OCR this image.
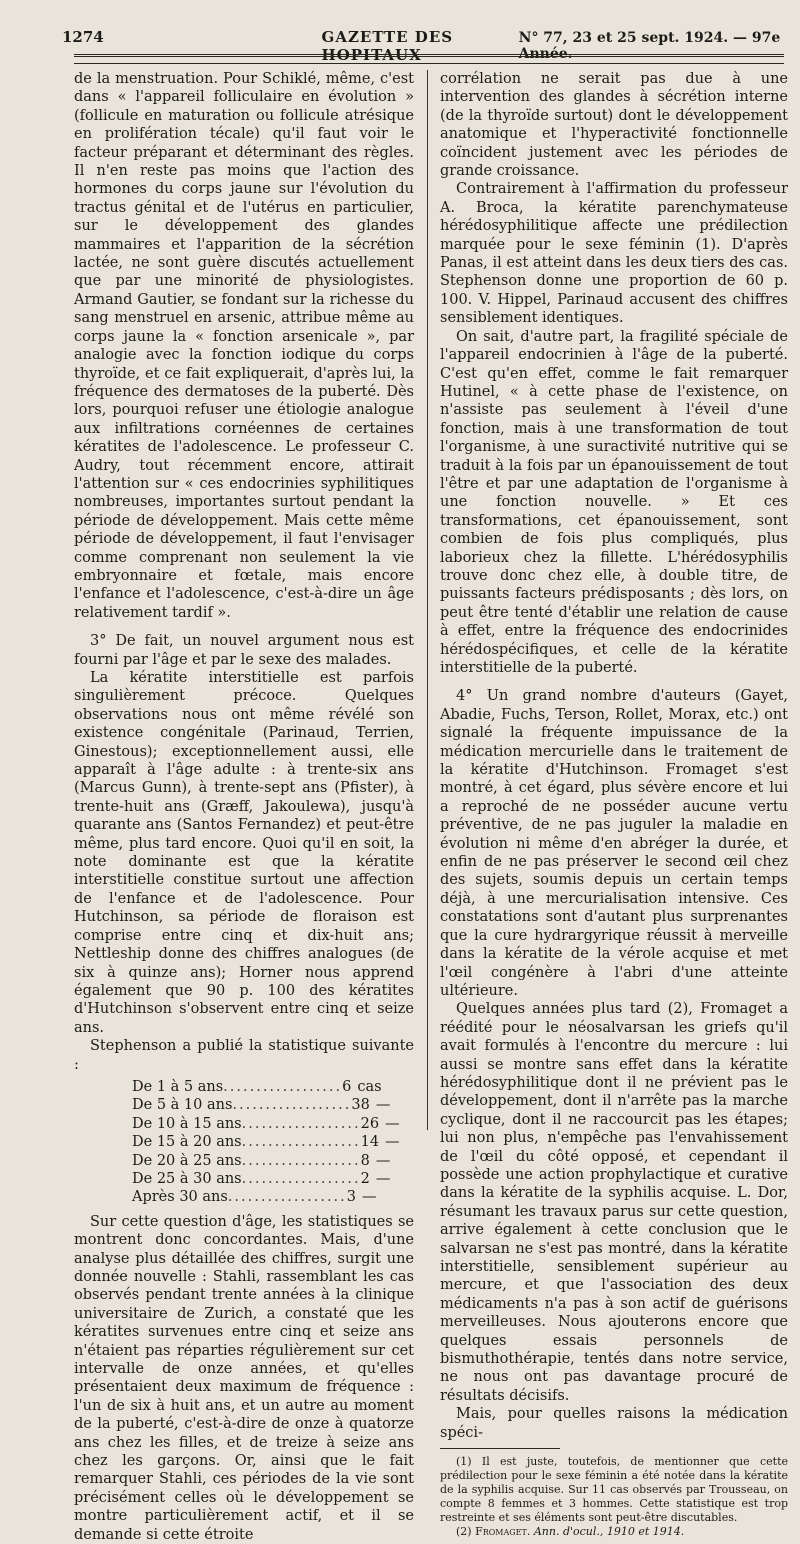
1274	GAZETTE DES HOPITAUX
N° 77, 23 et 25 sept. 1924. — 97e Année.

de la menstruation. Pour Schiklé, même, c'est dans « l'appareil folliculaire en évolution » (follicule en maturation ou follicule atrésique en prolifération técale) qu'il faut voir le facteur préparant et déterminant des règles. Il n'en reste pas moins que l'action des hormones du corps jaune sur l'évolution du tractus génital et de l'utérus en particulier, sur le développement des glandes mammaires et l'apparition de la sécrétion lactée, ne sont guère discutés actuellement que par une minorité de physiologistes. Armand Gautier, se fondant sur la richesse du sang menstruel en arsenic, attribue même au corps jaune la « fonction arsenicale », par analogie avec la fonction iodique du corps thyroïde, et ce fait expliquerait, d'après lui, la fréquence des dermatoses de la puberté. Dès lors, pourquoi refuser une étiologie analogue aux infiltrations cornéennes de certaines kératites de l'adolescence. Le professeur C. Audry, tout récemment encore, attirait l'attention sur « ces endocrinies syphilitiques nombreuses, importantes surtout pendant la période de développement. Mais cette même période de développement, il faut l'envisager comme comprenant non seulement la vie embryonnaire et fœtale, mais encore l'enfance et l'adolescence, c'est-à-dire un âge relativement tardif ».

3° De fait, un nouvel argument nous est fourni par l'âge et par le sexe des malades.

La kératite interstitielle est parfois singulièrement précoce. Quelques observations nous ont même révélé son existence congénitale (Parinaud, Terrien, Ginestous); exceptionnellement aussi, elle apparaît à l'âge adulte : à trente-six ans (Marcus Gunn), à trente-sept ans (Pfister), à trente-huit ans (Græff, Jakoulewa), jusqu'à quarante ans (Santos Fernandez) et peut-être même, plus tard encore. Quoi qu'il en soit, la note dominante est que la kératite interstitielle constitue surtout une affection de l'enfance et de l'adolescence. Pour Hutchinson, sa période de floraison est comprise entre cinq et dix-huit ans; Nettleship donne des chiffres analogues (de six à quinze ans); Horner nous apprend également que 90 p. 100 des kératites d'Hutchinson s'observent entre cinq et seize ans.

Stephenson a publié la statistique suivante :

De 1 à 5 ans .................. 6 cas
De 5 à 10 ans .................. 38 —
De 10 à 15 ans .................. 26 —
De 15 à 20 ans .................. 14 —
De 20 à 25 ans .................. 8 —
De 25 à 30 ans .................. 2 —
Après 30 ans .................. 3 —

Sur cette question d'âge, les statistiques se montrent donc concordantes. Mais, d'une analyse plus détaillée des chiffres, surgit une donnée nouvelle : Stahli, rassemblant les cas observés pendant trente années à la clinique universitaire de Zurich, a constaté que les kératites survenues entre cinq et seize ans n'étaient pas réparties régulièrement sur cet intervalle de onze années, et qu'elles présentaient deux maximum de fréquence : l'un de six à huit ans, et un autre au moment de la puberté, c'est-à-dire de onze à quatorze ans chez les filles, et de treize à seize ans chez les garçons. Or, ainsi que le fait remarquer Stahli, ces périodes de la vie sont précisément celles où le développement se montre particulièrement actif, et il se demande si cette étroite

corrélation ne serait pas due à une intervention des glandes à sécrétion interne (de la thyroïde surtout) dont le développement anatomique et l'hyperactivité fonctionnelle coïncident justement avec les périodes de grande croissance.

Contrairement à l'affirmation du professeur A. Broca, la kératite parenchymateuse hérédosyphilitique affecte une prédilection marquée pour le sexe féminin (1). D'après Panas, il est atteint dans les deux tiers des cas. Stephenson donne une proportion de 60 p. 100. V. Hippel, Parinaud accusent des chiffres sensiblement identiques.

On sait, d'autre part, la fragilité spéciale de l'appareil endocrinien à l'âge de la puberté. C'est qu'en effet, comme le fait remarquer Hutinel, « à cette phase de l'existence, on n'assiste pas seulement à l'éveil d'une fonction, mais à une transformation de tout l'organisme, à une suractivité nutritive qui se traduit à la fois par un épanouissement de tout l'être et par une adaptation de l'organisme à une fonction nouvelle. » Et ces transformations, cet épanouissement, sont combien de fois plus compliqués, plus laborieux chez la fillette. L'hérédosyphilis trouve donc chez elle, à double titre, de puissants facteurs prédisposants ; dès lors, on peut être tenté d'établir une relation de cause à effet, entre la fréquence des endocrinides hérédospécifiques, et celle de la kératite interstitielle de la puberté.

4° Un grand nombre d'auteurs (Gayet, Abadie, Fuchs, Terson, Rollet, Morax, etc.) ont signalé la fréquente impuissance de la médication mercurielle dans le traitement de la kératite d'Hutchinson. Fromaget s'est montré, à cet égard, plus sévère encore et lui a reproché de ne posséder aucune vertu préventive, de ne pas juguler la maladie en évolution ni même d'en abréger la durée, et enfin de ne pas préserver le second œil chez des sujets, soumis depuis un certain temps déjà, à une mercurialisation intensive. Ces constatations sont d'autant plus surprenantes que la cure hydrargyrique réussit à merveille dans la kératite de la vérole acquise et met l'œil congénère à l'abri d'une atteinte ultérieure.

Quelques années plus tard (2), Fromaget a réédité pour le néosalvarsan les griefs qu'il avait formulés à l'encontre du mercure : lui aussi se montre sans effet dans la kératite hérédosyphilitique dont il ne prévient pas le développement, dont il n'arrête pas la marche cyclique, dont il ne raccourcit pas les étapes; lui non plus, n'empêche pas l'envahissement de l'œil du côté opposé, et cependant il possède une action prophylactique et curative dans la kératite de la syphilis acquise. L. Dor, résumant les travaux parus sur cette question, arrive également à cette conclusion que le salvarsan ne s'est pas montré, dans la kératite interstitielle, sensiblement supérieur au mercure, et que l'association des deux médicaments n'a pas à son actif de guérisons merveilleuses. Nous ajouterons encore que quelques essais personnels de bismuthothérapie, tentés dans notre service, ne nous ont pas davantage procuré de résultats décisifs.

Mais, pour quelles raisons la médication spéci-

(1) Il est juste, toutefois, de mentionner que cette prédilection pour le sexe féminin a été notée dans la kératite de la syphilis acquise. Sur 11 cas observés par Trousseau, on compte 8 femmes et 3 hommes. Cette statistique est trop restreinte et ses éléments sont peut-être discutables.

(2) Fromaget. Ann. d'ocul., 1910 et 1914.
